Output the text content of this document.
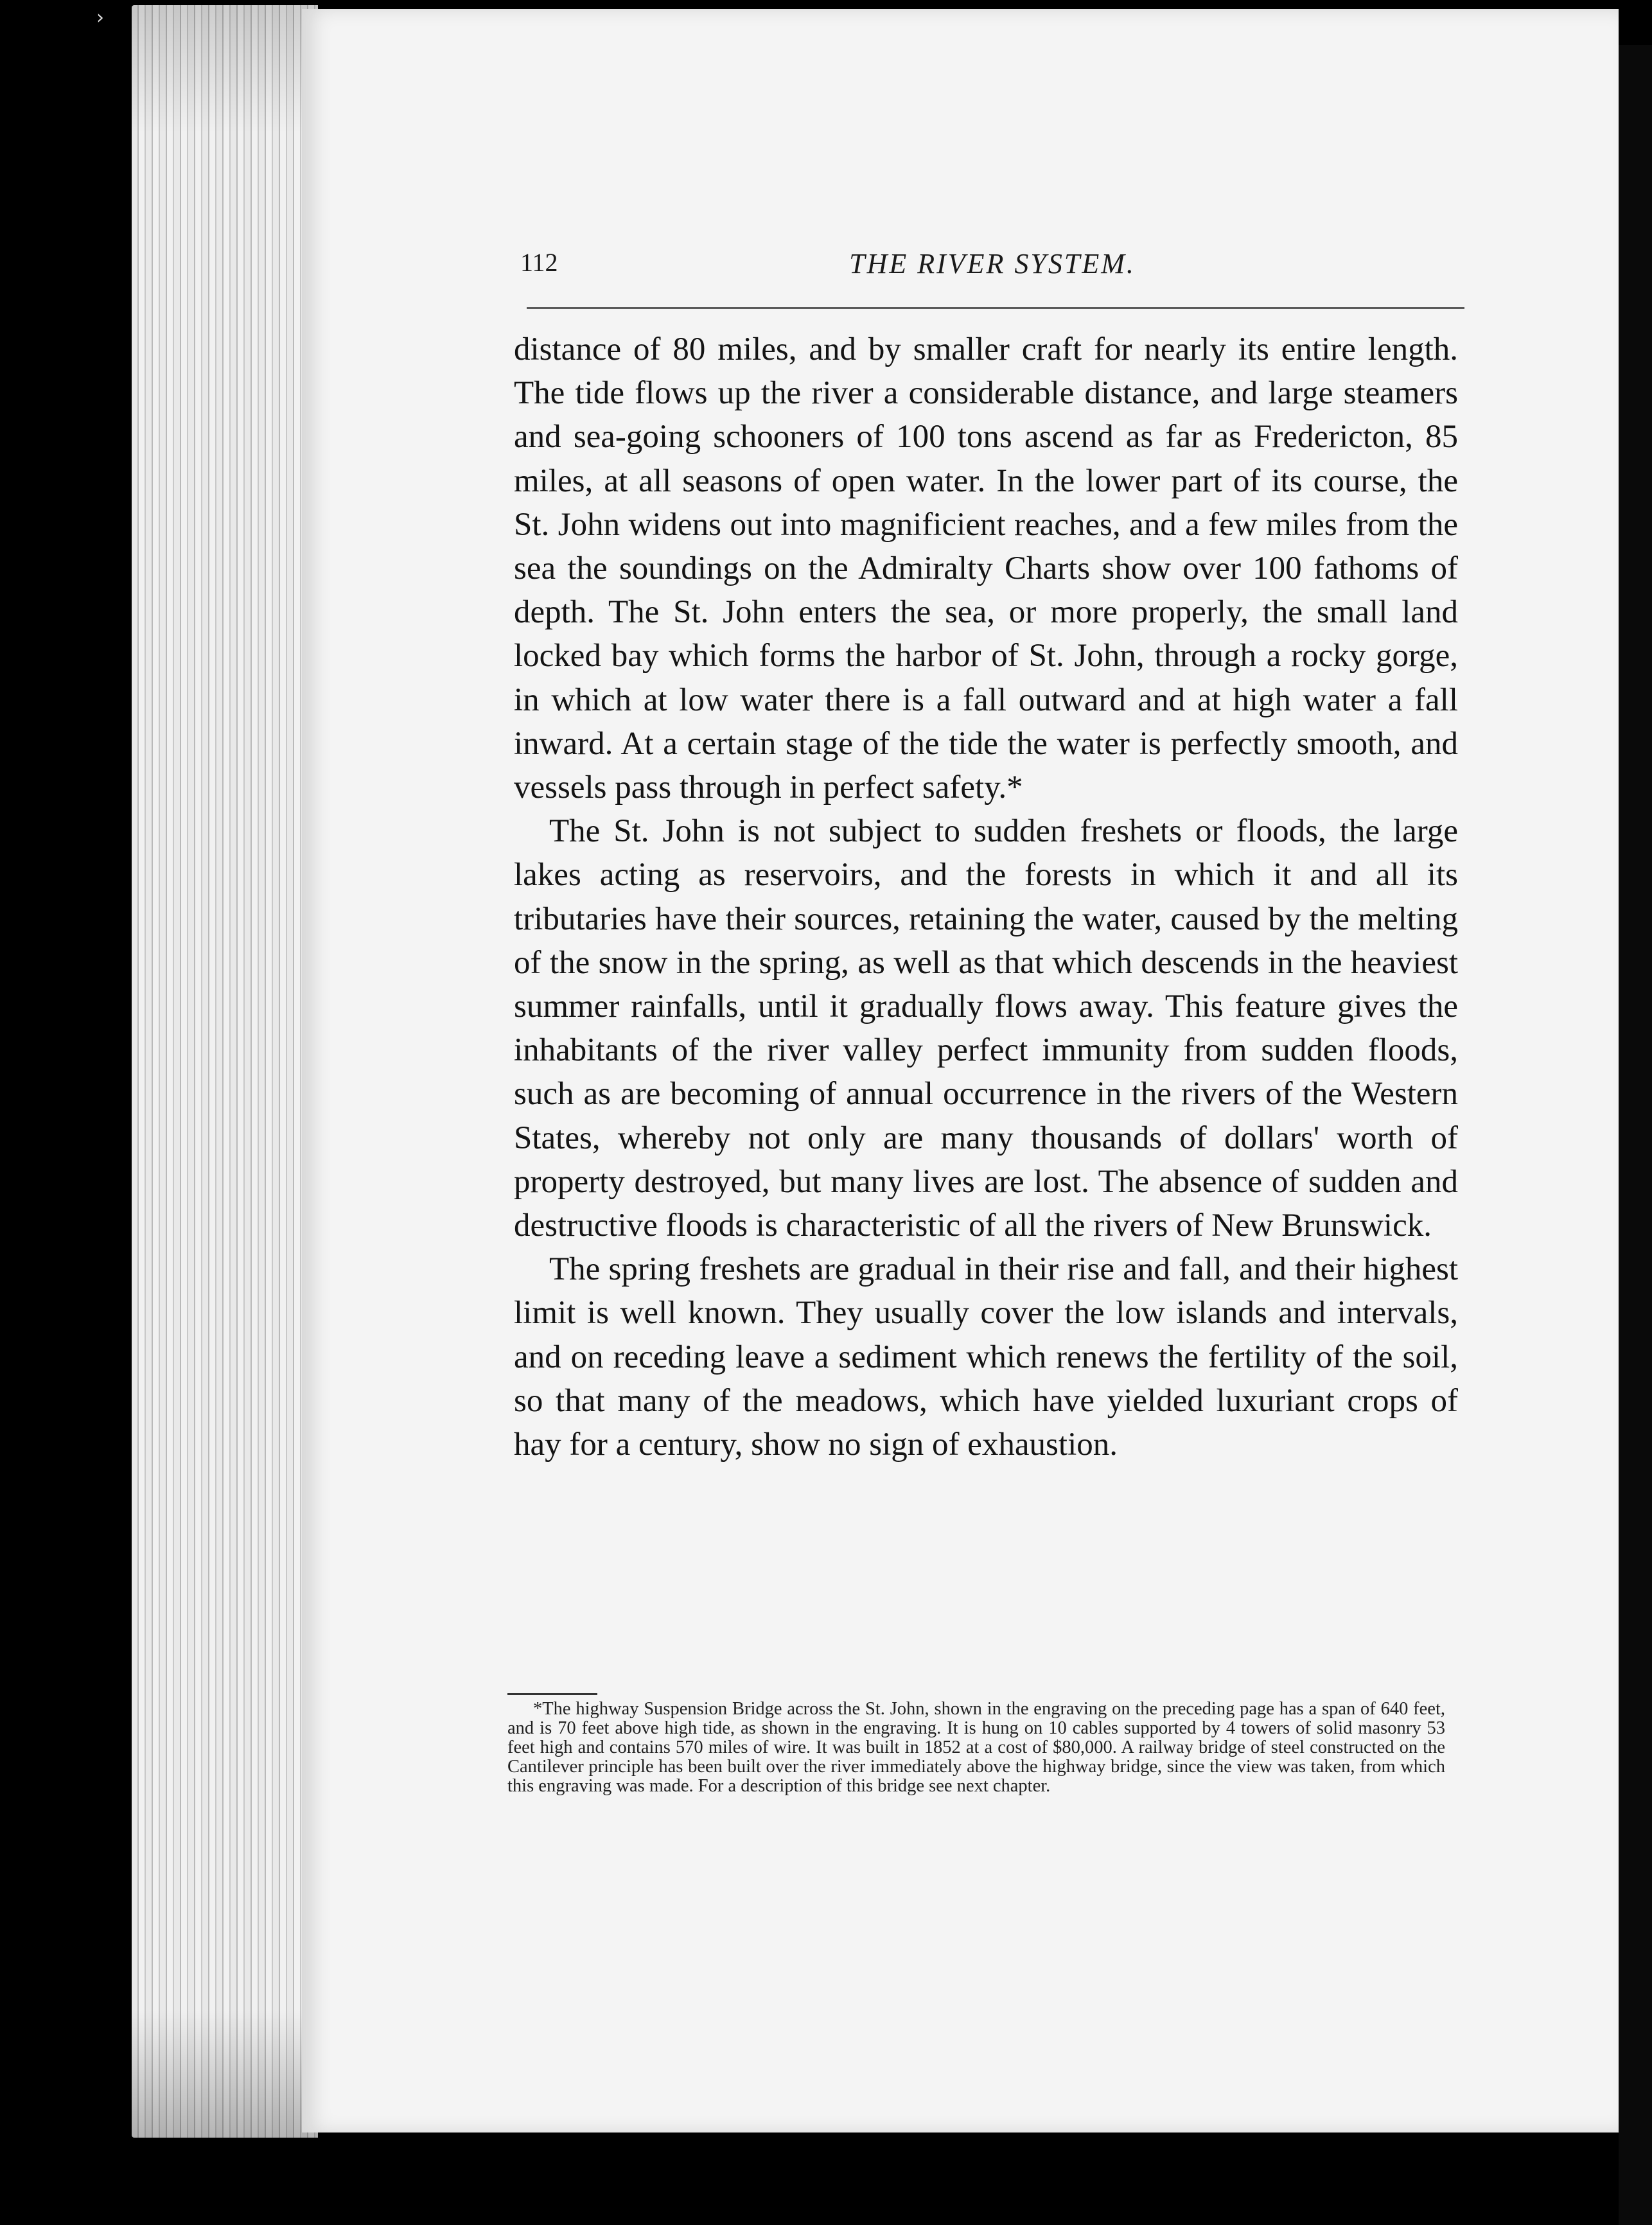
›
112	THE RIVER SYSTEM.

distance of 80 miles, and by smaller craft for nearly its entire length. The tide flows up the river a considerable distance, and large steamers and sea-going schooners of 100 tons ascend as far as Fredericton, 85 miles, at all seasons of open water. In the lower part of its course, the St. John widens out into magnificient reaches, and a few miles from the sea the soundings on the Admiralty Charts show over 100 fathoms of depth. The St. John enters the sea, or more properly, the small land locked bay which forms the harbor of St. John, through a rocky gorge, in which at low water there is a fall outward and at high water a fall inward. At a certain stage of the tide the water is perfectly smooth, and vessels pass through in perfect safety.*

The St. John is not subject to sudden freshets or floods, the large lakes acting as reservoirs, and the forests in which it and all its tributaries have their sources, retaining the water, caused by the melting of the snow in the spring, as well as that which descends in the heaviest summer rainfalls, until it gradually flows away. This feature gives the inhabitants of the river valley perfect immunity from sudden floods, such as are becoming of annual occurrence in the rivers of the Western States, whereby not only are many thousands of dollars' worth of property destroyed, but many lives are lost. The absence of sudden and destructive floods is characteristic of all the rivers of New Brunswick.

The spring freshets are gradual in their rise and fall, and their highest limit is well known. They usually cover the low islands and intervals, and on receding leave a sediment which renews the fertility of the soil, so that many of the meadows, which have yielded luxuriant crops of hay for a century, show no sign of exhaustion.

*The highway Suspension Bridge across the St. John, shown in the engraving on the preceding page has a span of 640 feet, and is 70 feet above high tide, as shown in the engraving. It is hung on 10 cables supported by 4 towers of solid masonry 53 feet high and contains 570 miles of wire. It was built in 1852 at a cost of $80,000. A railway bridge of steel constructed on the Cantilever principle has been built over the river immediately above the highway bridge, since the view was taken, from which this engraving was made. For a description of this bridge see next chapter.
